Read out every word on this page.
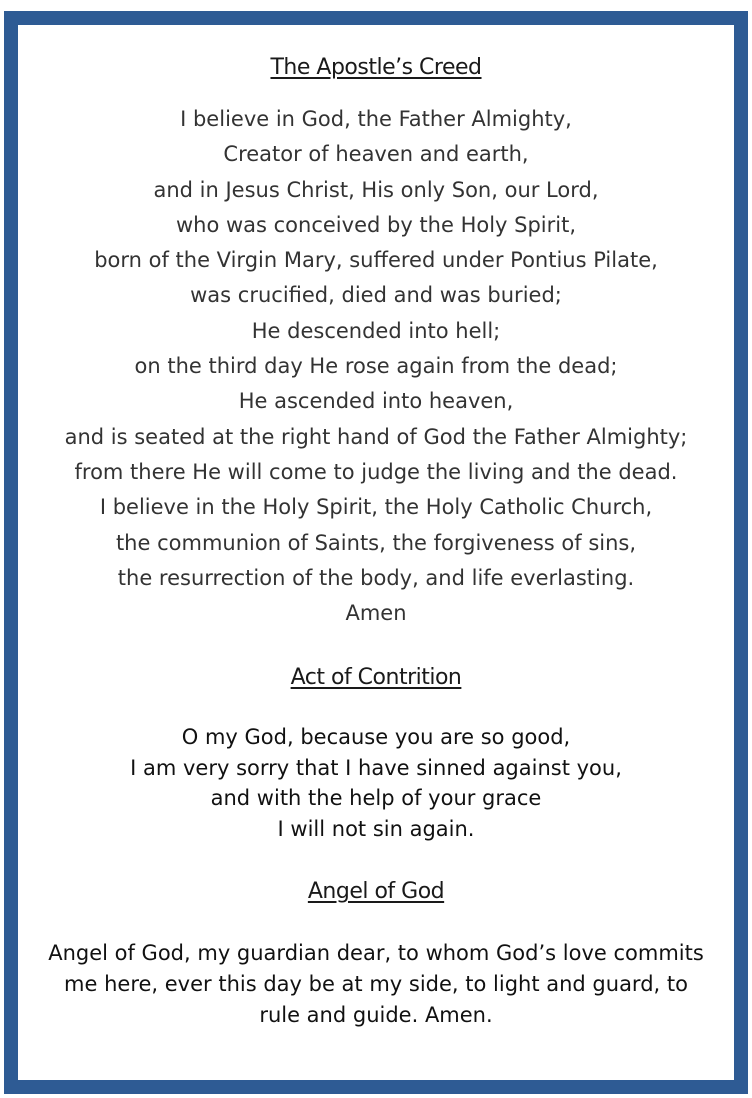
The Apostle’s Creed
I believe in God, the Father Almighty,
Creator of heaven and earth,
and in Jesus Christ, His only Son, our Lord,
who was conceived by the Holy Spirit,
born of the Virgin Mary, suffered under Pontius Pilate,
was crucified, died and was buried;
He descended into hell;
on the third day He rose again from the dead;
He ascended into heaven,
and is seated at the right hand of God the Father Almighty;
from there He will come to judge the living and the dead.
I believe in the Holy Spirit, the Holy Catholic Church,
the communion of Saints, the forgiveness of sins,
the resurrection of the body, and life everlasting.
Amen
Act of Contrition
O my God, because you are so good,
I am very sorry that I have sinned against you,
and with the help of your grace
I will not sin again.
Angel of God

Angel of God, my guardian dear, to whom God’s love commits me here, ever this day be at my side, to light and guard, to rule and guide. Amen.
